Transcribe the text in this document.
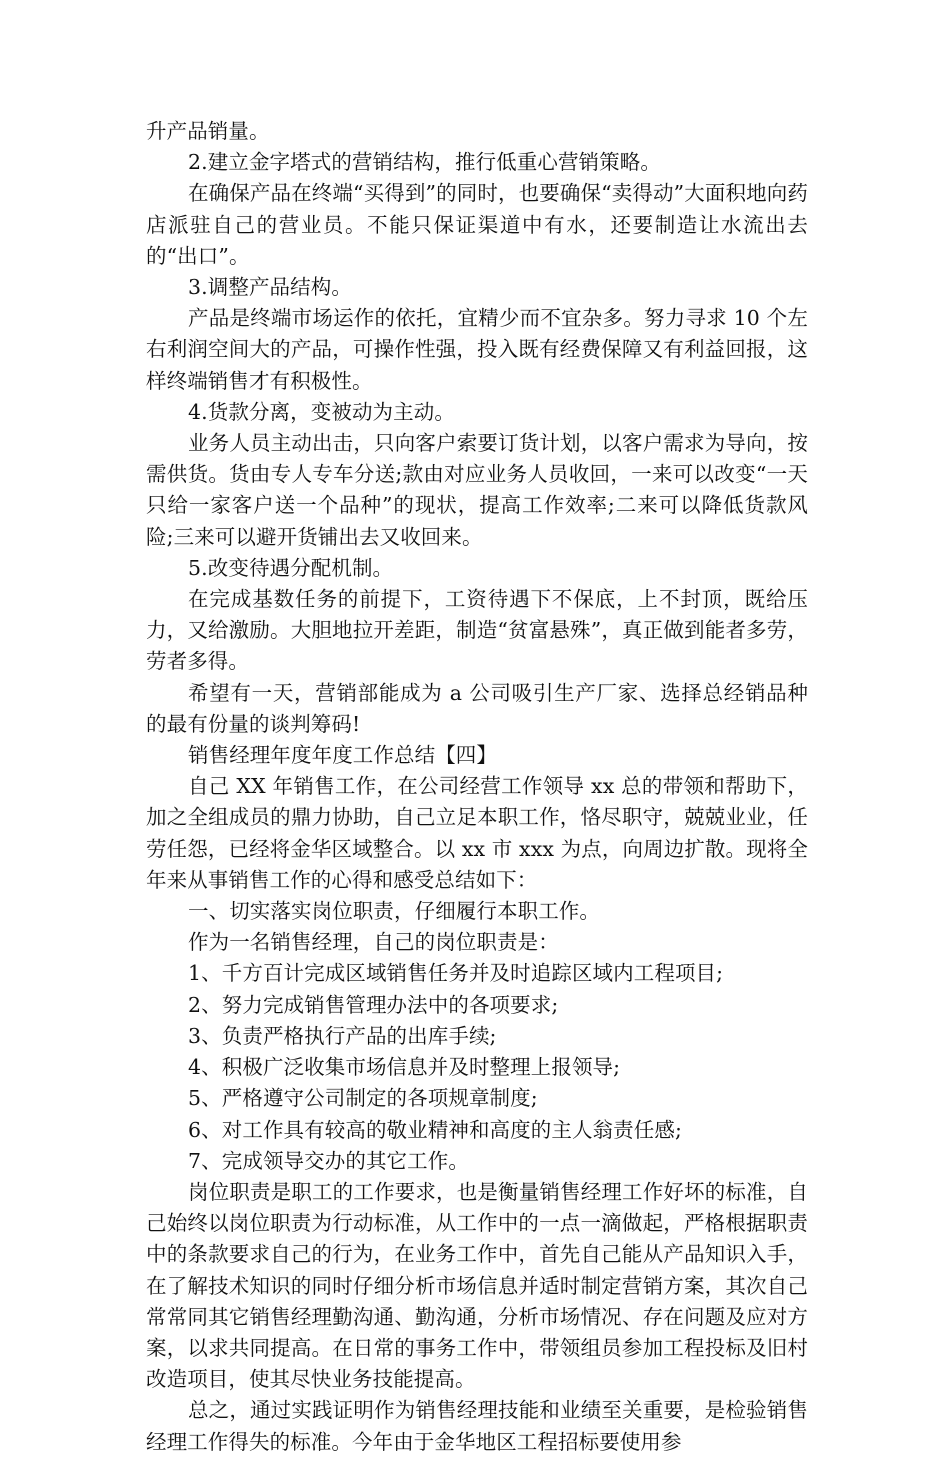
升产品销量。

2.建立金字塔式的营销结构，推行低重心营销策略。

在确保产品在终端“买得到”的同时，也要确保“卖得动”大面积地向药店派驻自己的营业员。不能只保证渠道中有水，还要制造让水流出去的“出口”。

3.调整产品结构。

产品是终端市场运作的依托，宜精少而不宜杂多。努力寻求 10 个左右利润空间大的产品，可操作性强，投入既有经费保障又有利益回报，这样终端销售才有积极性。

4.货款分离，变被动为主动。

业务人员主动出击，只向客户索要订货计划，以客户需求为导向，按需供货。货由专人专车分送;款由对应业务人员收回，一来可以改变“一天只给一家客户送一个品种”的现状，提高工作效率;二来可以降低货款风险;三来可以避开货铺出去又收回来。

5.改变待遇分配机制。

在完成基数任务的前提下，工资待遇下不保底，上不封顶，既给压力，又给激励。大胆地拉开差距，制造“贫富悬殊”，真正做到能者多劳，劳者多得。

希望有一天，营销部能成为 a 公司吸引生产厂家、选择总经销品种的最有份量的谈判筹码!

销售经理年度年度工作总结【四】

自己 XX 年销售工作，在公司经营工作领导 xx 总的带领和帮助下，加之全组成员的鼎力协助，自己立足本职工作，恪尽职守，兢兢业业，任劳任怨，已经将金华区域整合。以 xx 市 xxx 为点，向周边扩散。现将全年来从事销售工作的心得和感受总结如下：

一、切实落实岗位职责，仔细履行本职工作。

作为一名销售经理，自己的岗位职责是：

1、千方百计完成区域销售任务并及时追踪区域内工程项目;

2、努力完成销售管理办法中的各项要求;

3、负责严格执行产品的出库手续;

4、积极广泛收集市场信息并及时整理上报领导;

5、严格遵守公司制定的各项规章制度;

6、对工作具有较高的敬业精神和高度的主人翁责任感;

7、完成领导交办的其它工作。

岗位职责是职工的工作要求，也是衡量销售经理工作好坏的标准，自己始终以岗位职责为行动标准，从工作中的一点一滴做起，严格根据职责中的条款要求自己的行为，在业务工作中，首先自己能从产品知识入手，在了解技术知识的同时仔细分析市场信息并适时制定营销方案，其次自己常常同其它销售经理勤沟通、勤沟通，分析市场情况、存在问题及应对方案，以求共同提高。在日常的事务工作中，带领组员参加工程投标及旧村改造项目，使其尽快业务技能提高。

总之，通过实践证明作为销售经理技能和业绩至关重要，是检验销售经理工作得失的标准。今年由于金华地区工程招标要使用参
